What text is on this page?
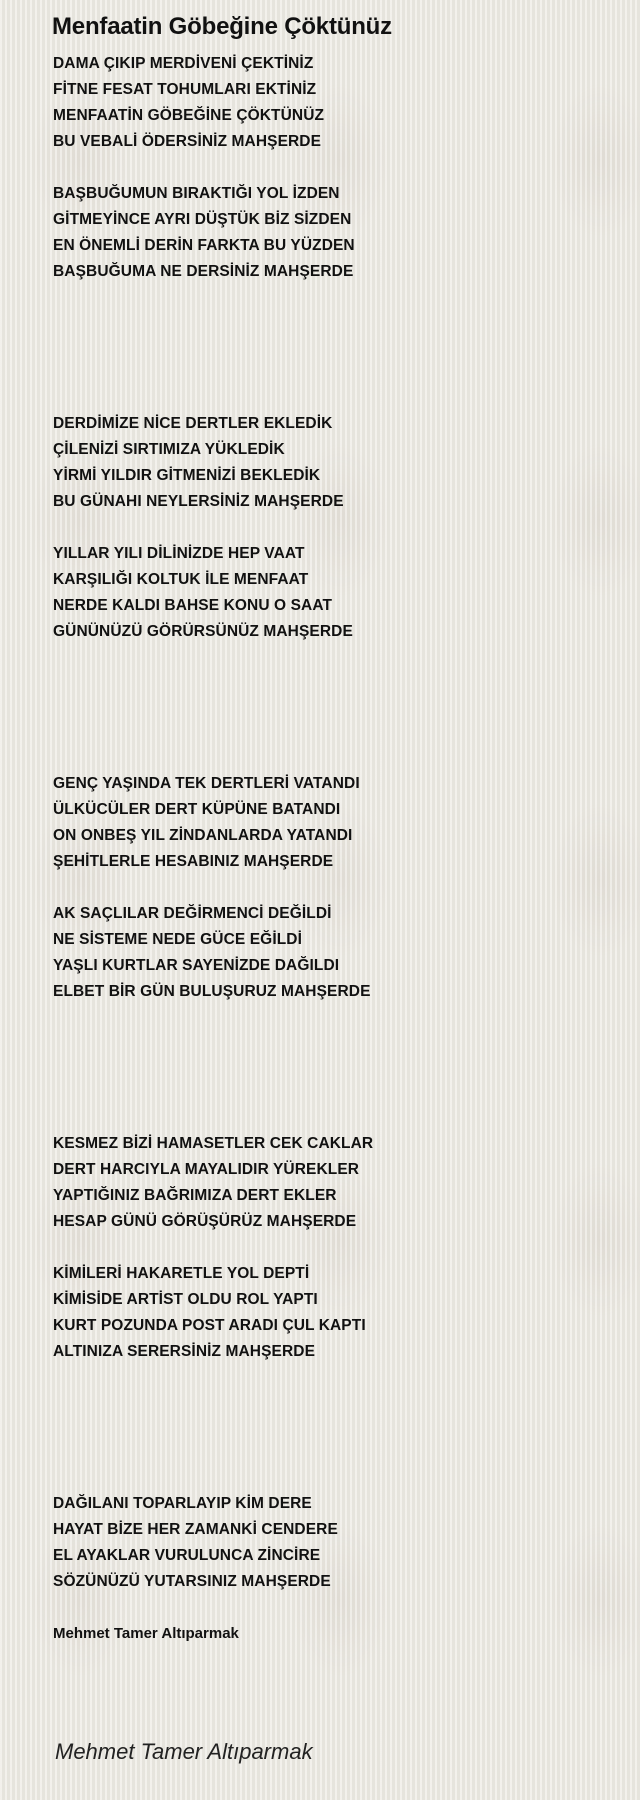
Menfaatin Göbeğine Çöktünüz
DAMA ÇIKIP MERDİVENİ ÇEKTİNİZ
FİTNE FESAT TOHUMLARI EKTİNİZ
MENFAATİN GÖBEĞİNE ÇÖKTÜNÜZ
BU VEBALİ ÖDERSİNİZ MAHŞERDE
BAŞBUĞUMUN BIRAKTIĞI YOL İZDEN
GİTMEYİNCE AYRI DÜŞTÜK BİZ SİZDEN
EN ÖNEMLİ DERİN FARKTA BU YÜZDEN
BAŞBUĞUMA NE DERSİNİZ MAHŞERDE
DERDİMİZE NİCE DERTLER EKLEDİK
ÇİLENİZİ SIRTIMIZA YÜKLEDİK
YİRMİ YILDIR GİTMENİZİ BEKLEDİK
BU GÜNAHI NEYLERSİNİZ MAHŞERDE
YILLAR YILI DİLİNİZDE HEP VAAT
KARŞILIĞI KOLTUK İLE MENFAAT
NERDE KALDI BAHSE KONU O SAAT
GÜNÜNÜZÜ GÖRÜRSÜNÜZ MAHŞERDE
GENÇ YAŞINDA TEK DERTLERİ VATANDI
ÜLKÜCÜLER DERT KÜPÜNE BATANDI
ON ONBEŞ YIL ZİNDANLARDA YATANDI
ŞEHİTLERLE HESABINIZ MAHŞERDE
AK SAÇLILAR DEĞİRMENCİ DEĞİLDİ
NE SİSTEME NEDE GÜCE EĞİLDİ
YAŞLI KURTLAR SAYENİZDE DAĞILDI
ELBET BİR GÜN BULUŞURUZ MAHŞERDE
KESMEZ BİZİ HAMASETLER CEK CAKLAR
DERT HARCIYLA MAYALIDIR YÜREKLER
YAPTIĞINIZ BAĞRIMIZA DERT EKLER
HESAP GÜNÜ GÖRÜŞÜRÜZ MAHŞERDE
KİMİLERİ HAKARETLE YOL DEPTİ
KİMİSİDE ARTİST OLDU ROL YAPTI
KURT POZUNDA POST ARADI ÇUL KAPTI
ALTINIZA SERERSİNİZ MAHŞERDE
DAĞILANI TOPARLAYIP KİM DERE
HAYAT BİZE HER ZAMANKİ CENDERE
EL AYAKLAR VURULUNCA ZİNCİRE
SÖZÜNÜZÜ YUTARSINIZ MAHŞERDE
Mehmet Tamer Altıparmak
Mehmet Tamer Altıparmak
